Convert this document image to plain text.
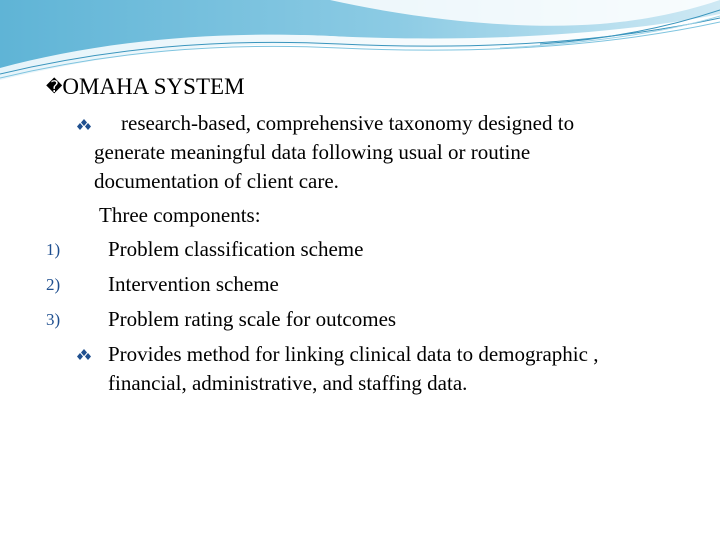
�OMAHA SYSTEM
research-based, comprehensive taxonomy designed to
generate meaningful data following usual or routine
documentation of client care.
Three components:
1) Problem classification scheme
2) Intervention scheme
3) Problem rating scale for outcomes
Provides method for linking clinical data to demographic ,
financial, administrative, and staffing data.
